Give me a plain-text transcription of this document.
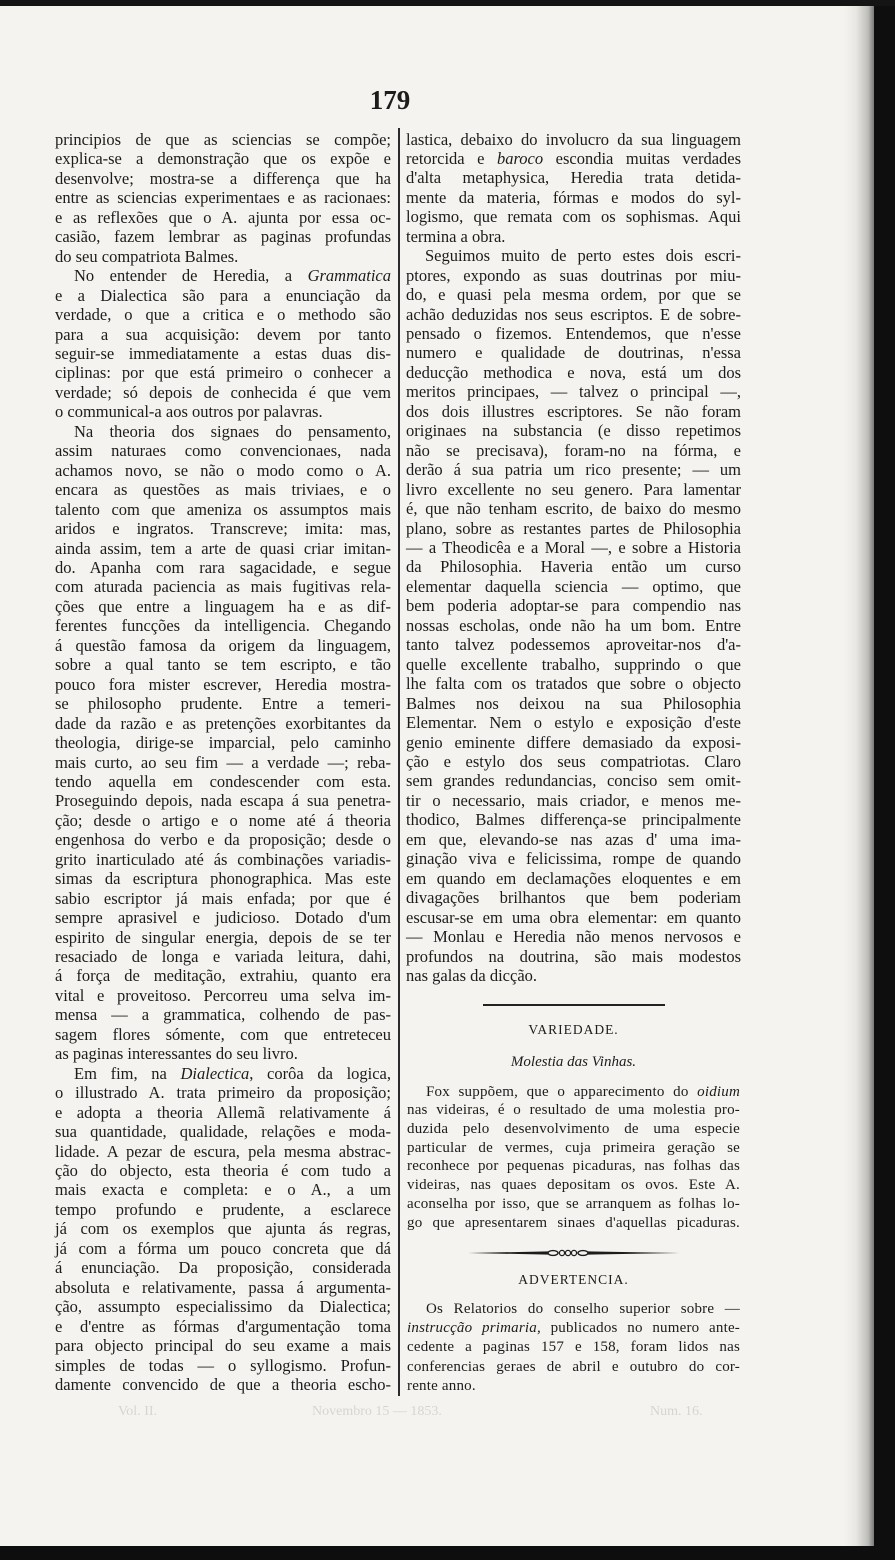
179
principios de que as sciencias se compõe;
explica-se a demonstração que os expõe e
desenvolve; mostra-se a differença que ha
entre as sciencias experimentaes e as racionaes:
e as reflexões que o A. ajunta por essa oc-
casião, fazem lembrar as paginas profundas
do seu compatriota Balmes.
No entender de Heredia, a Grammatica
e a Dialectica são para a enunciação da
verdade, o que a critica e o methodo são
para a sua acquisição: devem por tanto
seguir-se immediatamente a estas duas dis-
ciplinas: por que está primeiro o conhecer a
verdade; só depois de conhecida é que vem
o communical-a aos outros por palavras.
Na theoria dos signaes do pensamento,
assim naturaes como convencionaes, nada
achamos novo, se não o modo como o A.
encara as questões as mais triviaes, e o
talento com que ameniza os assumptos mais
aridos e ingratos. Transcreve; imita: mas,
ainda assim, tem a arte de quasi criar imitan-
do. Apanha com rara sagacidade, e segue
com aturada paciencia as mais fugitivas rela-
ções que entre a linguagem ha e as dif-
ferentes funcções da intelligencia. Chegando
á questão famosa da origem da linguagem,
sobre a qual tanto se tem escripto, e tão
pouco fora mister escrever, Heredia mostra-
se philosopho prudente. Entre a temeri-
dade da razão e as pretenções exorbitantes da
theologia, dirige-se imparcial, pelo caminho
mais curto, ao seu fim — a verdade —; reba-
tendo aquella em condescender com esta.
Proseguindo depois, nada escapa á sua penetra-
ção; desde o artigo e o nome até á theoria
engenhosa do verbo e da proposição; desde o
grito inarticulado até ás combinações variadis-
simas da escriptura phonographica. Mas este
sabio escriptor já mais enfada; por que é
sempre aprasivel e judicioso. Dotado d'um
espirito de singular energia, depois de se ter
resaciado de longa e variada leitura, dahi,
á força de meditação, extrahiu, quanto era
vital e proveitoso. Percorreu uma selva im-
mensa — a grammatica, colhendo de pas-
sagem flores sómente, com que entreteceu
as paginas interessantes do seu livro.
Em fim, na Dialectica, corôa da logica,
o illustrado A. trata primeiro da proposição;
e adopta a theoria Allemã relativamente á
sua quantidade, qualidade, relações e moda-
lidade. A pezar de escura, pela mesma abstrac-
ção do objecto, esta theoria é com tudo a
mais exacta e completa: e o A., a um
tempo profundo e prudente, a esclarece
já com os exemplos que ajunta ás regras,
já com a fórma um pouco concreta que dá
á enunciação. Da proposição, considerada
absoluta e relativamente, passa á argumenta-
ção, assumpto especialissimo da Dialectica;
e d'entre as fórmas d'argumentação toma
para objecto principal do seu exame a mais
simples de todas — o syllogismo. Profun-
damente convencido de que a theoria escho-
lastica, debaixo do involucro da sua linguagem
retorcida e baroco escondia muitas verdades
d'alta metaphysica, Heredia trata detida-
mente da materia, fórmas e modos do syl-
logismo, que remata com os sophismas. Aqui
termina a obra.
Seguimos muito de perto estes dois escri-
ptores, expondo as suas doutrinas por miu-
do, e quasi pela mesma ordem, por que se
achão deduzidas nos seus escriptos. E de sobre-
pensado o fizemos. Entendemos, que n'esse
numero e qualidade de doutrinas, n'essa
deducção methodica e nova, está um dos
meritos principaes, — talvez o principal —,
dos dois illustres escriptores. Se não foram
originaes na substancia (e disso repetimos
não se precisava), foram-no na fórma, e
derão á sua patria um rico presente; — um
livro excellente no seu genero. Para lamentar
é, que não tenham escrito, de baixo do mesmo
plano, sobre as restantes partes de Philosophia
— a Theodicêa e a Moral —, e sobre a Historia
da Philosophia. Haveria então um curso
elementar daquella sciencia — optimo, que
bem poderia adoptar-se para compendio nas
nossas escholas, onde não ha um bom. Entre
tanto talvez podessemos aproveitar-nos d'a-
quelle excellente trabalho, supprindo o que
lhe falta com os tratados que sobre o objecto
Balmes nos deixou na sua Philosophia
Elementar. Nem o estylo e exposição d'este
genio eminente differe demasiado da exposi-
ção e estylo dos seus compatriotas. Claro
sem grandes redundancias, conciso sem omit-
tir o necessario, mais criador, e menos me-
thodico, Balmes differença-se principalmente
em que, elevando-se nas azas d' uma ima-
ginação viva e felicissima, rompe de quando
em quando em declamações eloquentes e em
divagações brilhantos que bem poderiam
escusar-se em uma obra elementar: em quanto
— Monlau e Heredia não menos nervosos e
profundos na doutrina, são mais modestos
nas galas da dicção.
VARIEDADE.
Molestia das Vinhas.
Fox suppõem, que o apparecimento do oidium
nas videiras, é o resultado de uma molestia pro-
duzida pelo desenvolvimento de uma especie
particular de vermes, cuja primeira geração se
reconhece por pequenas picaduras, nas folhas das
videiras, nas quaes depositam os ovos. Este A.
aconselha por isso, que se arranquem as folhas lo-
go que apresentarem sinaes d'aquellas picaduras.
ADVERTENCIA.
Os Relatorios do conselho superior sobre —
instrucção primaria, publicados no numero ante-
cedente a paginas 157 e 158, foram lidos nas
conferencias geraes de abril e outubro do cor-
rente anno.
Vol. II.	Novembro 15 — 1853.	Num. 16.
